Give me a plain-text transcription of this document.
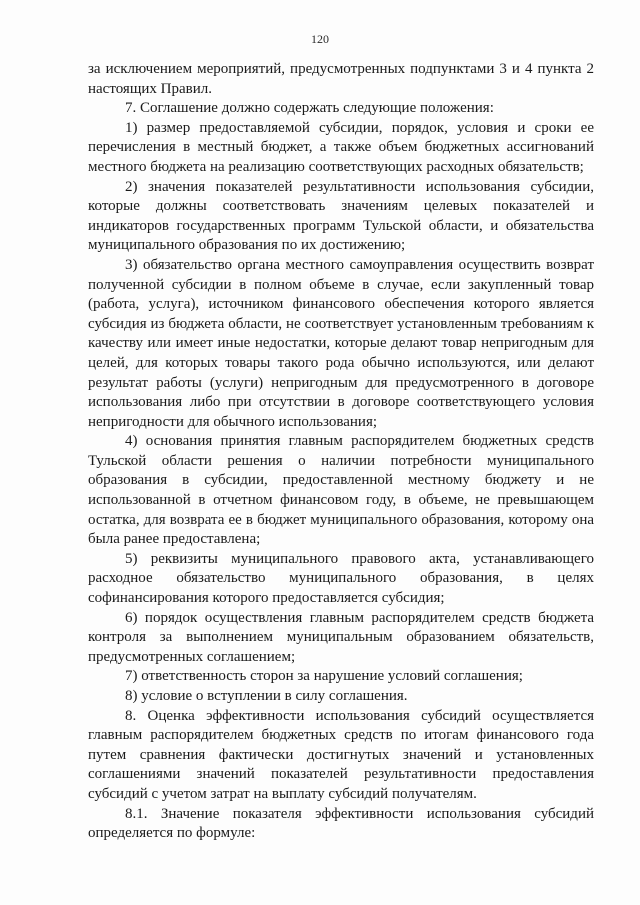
120

за исключением мероприятий, предусмотренных подпунктами 3 и 4 пункта 2 настоящих Правил.

7. Соглашение должно содержать следующие положения:

1) размер предоставляемой субсидии, порядок, условия и сроки ее перечисления в местный бюджет, а также объем бюджетных ассигнований местного бюджета на реализацию соответствующих расходных обязательств;

2) значения показателей результативности использования субсидии, которые должны соответствовать значениям целевых показателей и индикаторов государственных программ Тульской области, и обязательства муниципального образования по их достижению;

3) обязательство органа местного самоуправления осуществить возврат полученной субсидии в полном объеме в случае, если закупленный товар (работа, услуга), источником финансового обеспечения которого является субсидия из бюджета области, не соответствует установленным требованиям к качеству или имеет иные недостатки, которые делают товар непригодным для целей, для которых товары такого рода обычно используются, или делают результат работы (услуги) непригодным для предусмотренного в договоре использования либо при отсутствии в договоре соответствующего условия непригодности для обычного использования;

4) основания принятия главным распорядителем бюджетных средств Тульской области решения о наличии потребности муниципального образования в субсидии, предоставленной местному бюджету и не использованной в отчетном финансовом году, в объеме, не превышающем остатка, для возврата ее в бюджет муниципального образования, которому она была ранее предоставлена;

5) реквизиты муниципального правового акта, устанавливающего расходное обязательство муниципального образования, в целях софинансирования которого предоставляется субсидия;

6) порядок осуществления главным распорядителем средств бюджета контроля за выполнением муниципальным образованием обязательств, предусмотренных соглашением;

7) ответственность сторон за нарушение условий соглашения;

8) условие о вступлении в силу соглашения.

8. Оценка эффективности использования субсидий осуществляется главным распорядителем бюджетных средств по итогам финансового года путем сравнения фактически достигнутых значений и установленных соглашениями значений показателей результативности предоставления субсидий с учетом затрат на выплату субсидий получателям.

8.1. Значение показателя эффективности использования субсидий определяется по формуле:
